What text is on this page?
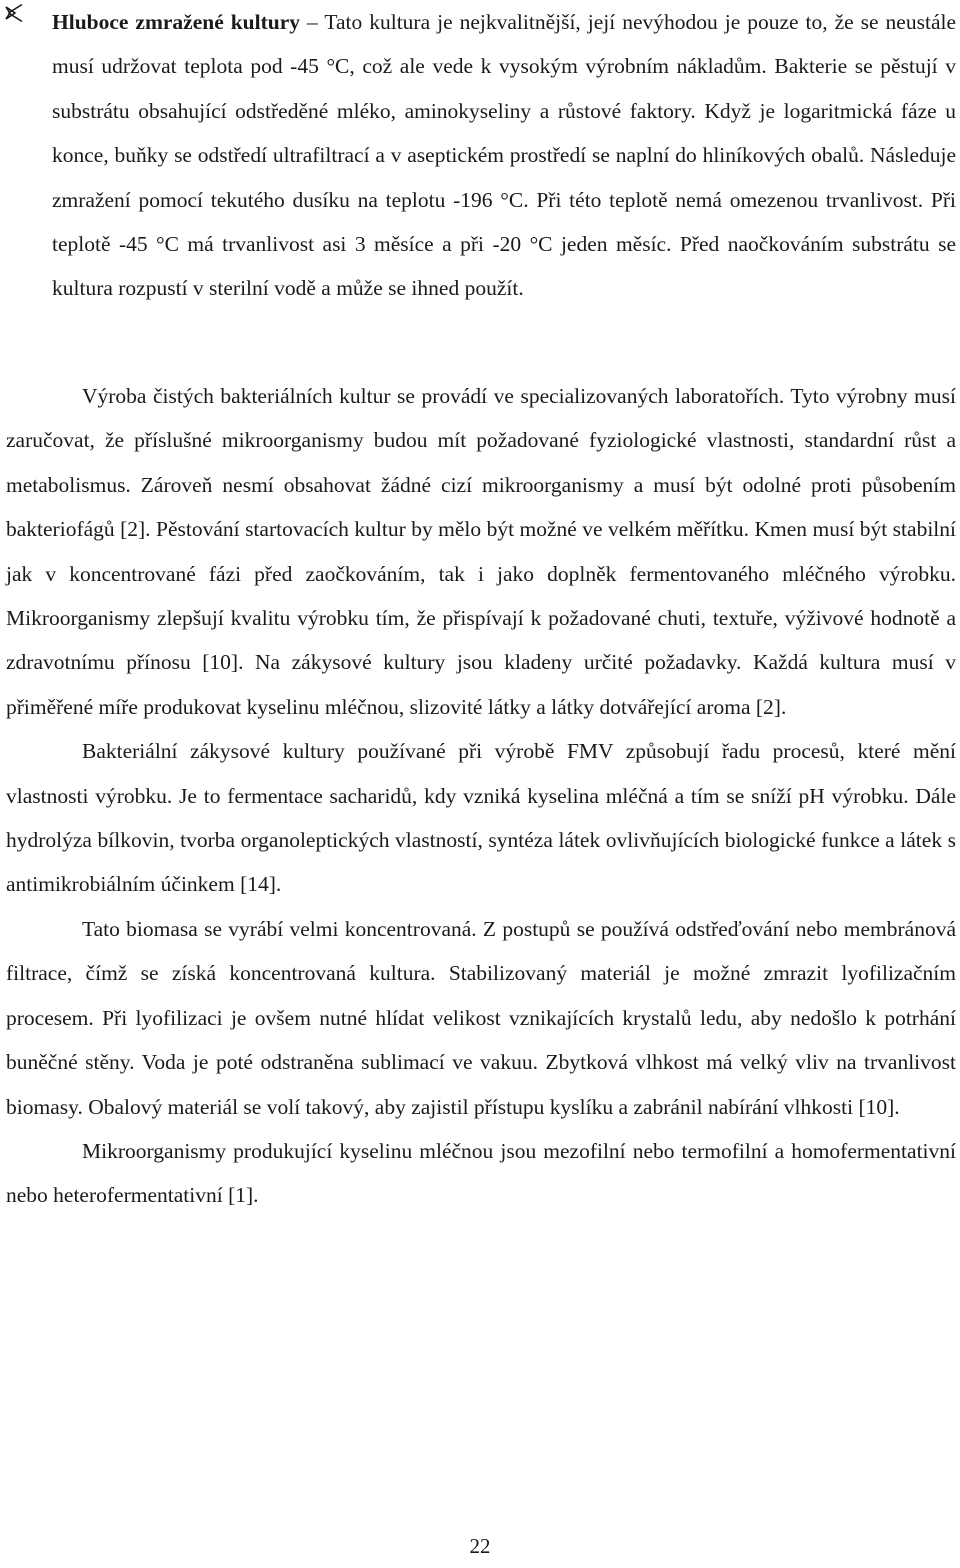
Hluboce zmražené kultury – Tato kultura je nejkvalitnější, její nevýhodou je pouze to, že se neustále musí udržovat teplota pod -45 °C, což ale vede k vysokým výrobním nákladům. Bakterie se pěstují v substrátu obsahující odstředěné mléko, aminokyseliny a růstové faktory. Když je logaritmická fáze u konce, buňky se odstředí ultrafiltrací a v aseptickém prostředí se naplní do hliníkových obalů. Následuje zmražení pomocí tekutého dusíku na teplotu -196 °C. Při této teplotě nemá omezenou trvanlivost. Při teplotě -45 °C má trvanlivost asi 3 měsíce a při -20 °C jeden měsíc. Před naočkováním substrátu se kultura rozpustí v sterilní vodě a může se ihned použít.

Výroba čistých bakteriálních kultur se provádí ve specializovaných laboratořích. Tyto výrobny musí zaručovat, že příslušné mikroorganismy budou mít požadované fyziologické vlastnosti, standardní růst a metabolismus. Zároveň nesmí obsahovat žádné cizí mikroorganismy a musí být odolné proti působením bakteriofágů [2]. Pěstování startovacích kultur by mělo být možné ve velkém měřítku. Kmen musí být stabilní jak v koncentrované fázi před zaočkováním, tak i jako doplněk fermentovaného mléčného výrobku. Mikroorganismy zlepšují kvalitu výrobku tím, že přispívají k požadované chuti, textuře, výživové hodnotě a zdravotnímu přínosu [10]. Na zákysové kultury jsou kladeny určité požadavky. Každá kultura musí v přiměřené míře produkovat kyselinu mléčnou, slizovité látky a látky dotvářející aroma [2].

Bakteriální zákysové kultury používané při výrobě FMV způsobují řadu procesů, které mění vlastnosti výrobku. Je to fermentace sacharidů, kdy vzniká kyselina mléčná a tím se sníží pH výrobku. Dále hydrolýza bílkovin, tvorba organoleptických vlastností, syntéza látek ovlivňujících biologické funkce a látek s antimikrobiálním účinkem [14].

Tato biomasa se vyrábí velmi koncentrovaná. Z postupů se používá odstřeďování nebo membránová filtrace, čímž se získá koncentrovaná kultura. Stabilizovaný materiál je možné zmrazit lyofilizačním procesem. Při lyofilizaci je ovšem nutné hlídat velikost vznikajících krystalů ledu, aby nedošlo k potrhání buněčné stěny. Voda je poté odstraněna sublimací ve vakuu. Zbytková vlhkost má velký vliv na trvanlivost biomasy. Obalový materiál se volí takový, aby zajistil přístupu kyslíku a zabránil nabírání vlhkosti [10].

Mikroorganismy produkující kyselinu mléčnou jsou mezofilní nebo termofilní a homofermentativní nebo heterofermentativní [1].

22
